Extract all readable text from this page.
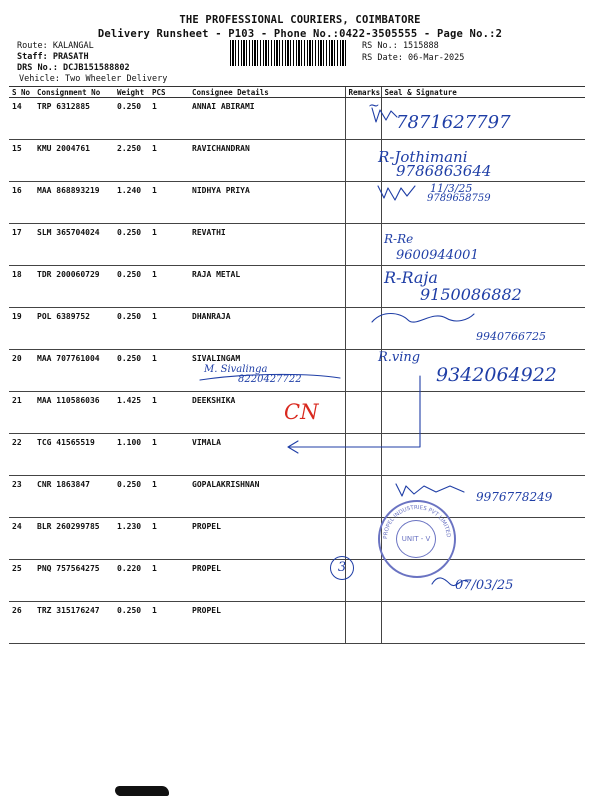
THE PROFESSIONAL COURIERS, COIMBATORE
Delivery Runsheet - P103 - Phone No.:0422-3505555 - Page No.:2
Route: KALANGAL
Staff: PRASATH
DRS No.: DCJB151588802
Vehicle: Two Wheeler Delivery
RS No.: 1515888
RS Date: 06-Mar-2025
S No	Consignment No	Weight	PCS	Consignee Details	Remarks	Seal & Signature
14	TRP 6312885	0.250	1	ANNAI ABIRAMI		
15	KMU 2004761	2.250	1	RAVICHANDRAN		
16	MAA 868893219	1.240	1	NIDHYA PRIYA		
17	SLM 365704024	0.250	1	REVATHI		
18	TDR 200060729	0.250	1	RAJA METAL		
19	POL 6389752	0.250	1	DHANRAJA		
20	MAA 707761004	0.250	1	SIVALINGAM		
21	MAA 110586036	1.425	1	DEEKSHIKA		
22	TCG 41565519	1.100	1	VIMALA		
23	CNR 1863847	0.250	1	GOPALAKRISHNAN		
24	BLR 260299785	1.230	1	PROPEL		
25	PNQ 757564275	0.220	1	PROPEL		
26	TRZ 315176247	0.250	1	PROPEL		
~
7871627797
R-Jothimani
9786863644
11/3/25
9789658759
R-Re
9600944001
R-Raja
9150086882
9940766725
M. Sivalinga
8220427722
R.ving
9342064922
CN
9976778249
3
07/03/25
UNIT - V
PROPEL INDUSTRIES PVT LIMITED
